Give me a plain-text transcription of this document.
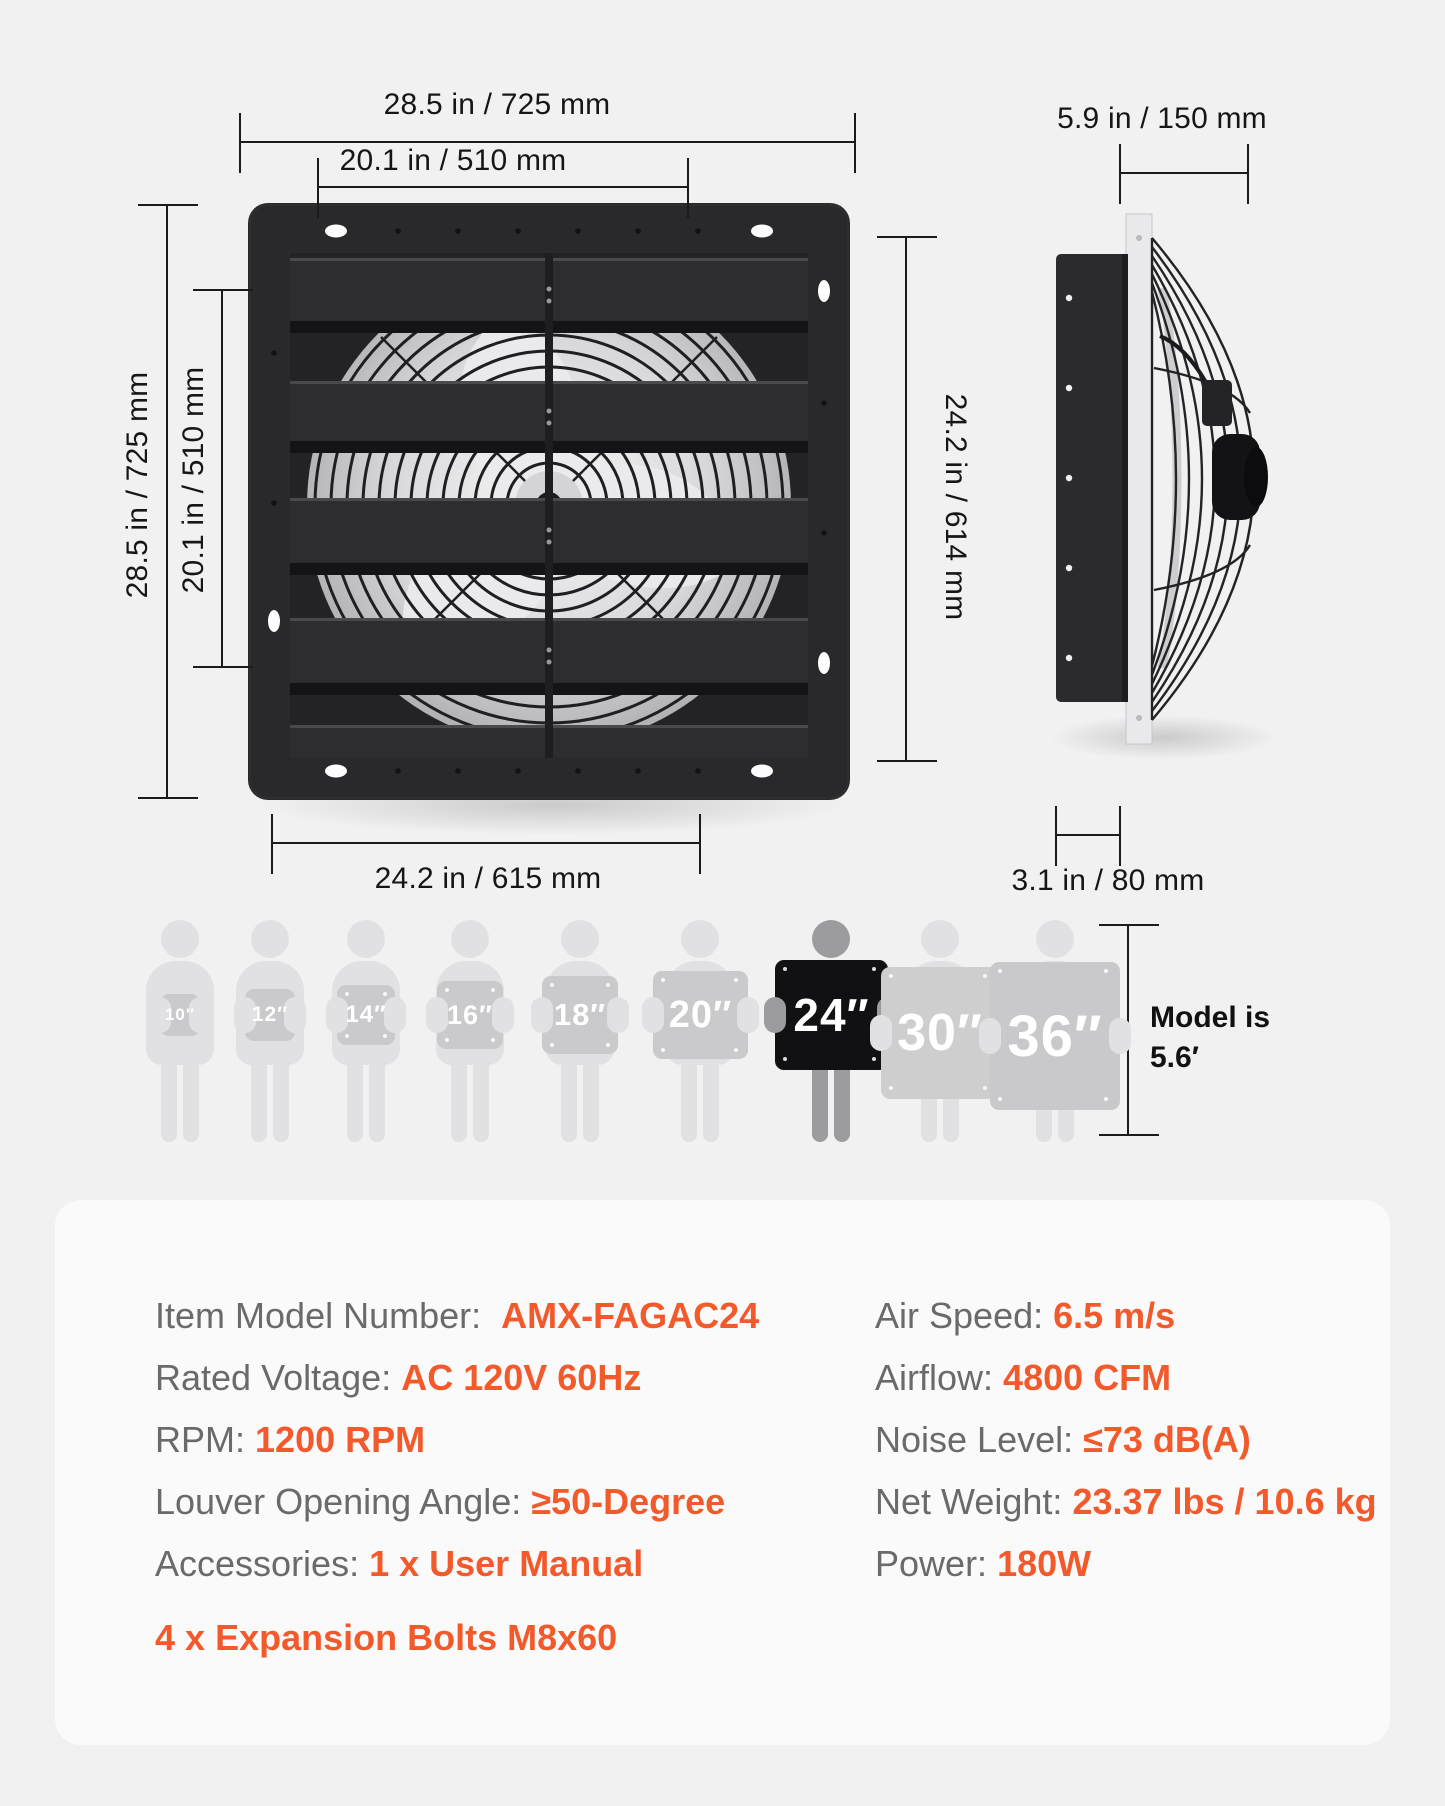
28.5 in / 725 mm
20.1 in / 510 mm
28.5 in / 725 mm 20.1 in / 510 mm	24.2 in / 614 mm
24.2 in / 615 mm
5.9 in / 150 mm
3.1 in / 80 mm
10″	12″ 14″ 16″ 18″ 20″ 24″ 30″ 36″ Model is
5.6′

Item Model Number:  AMX-FAGAC24

Rated Voltage: AC 120V 60Hz

RPM: 1200 RPM

Louver Opening Angle: ≥50-Degree

Accessories: 1 x User Manual

4 x Expansion Bolts M8x60

Air Speed: 6.5 m/s

Airflow: 4800 CFM

Noise Level: ≤73 dB(A)

Net Weight: 23.37 lbs / 10.6 kg

Power: 180W
